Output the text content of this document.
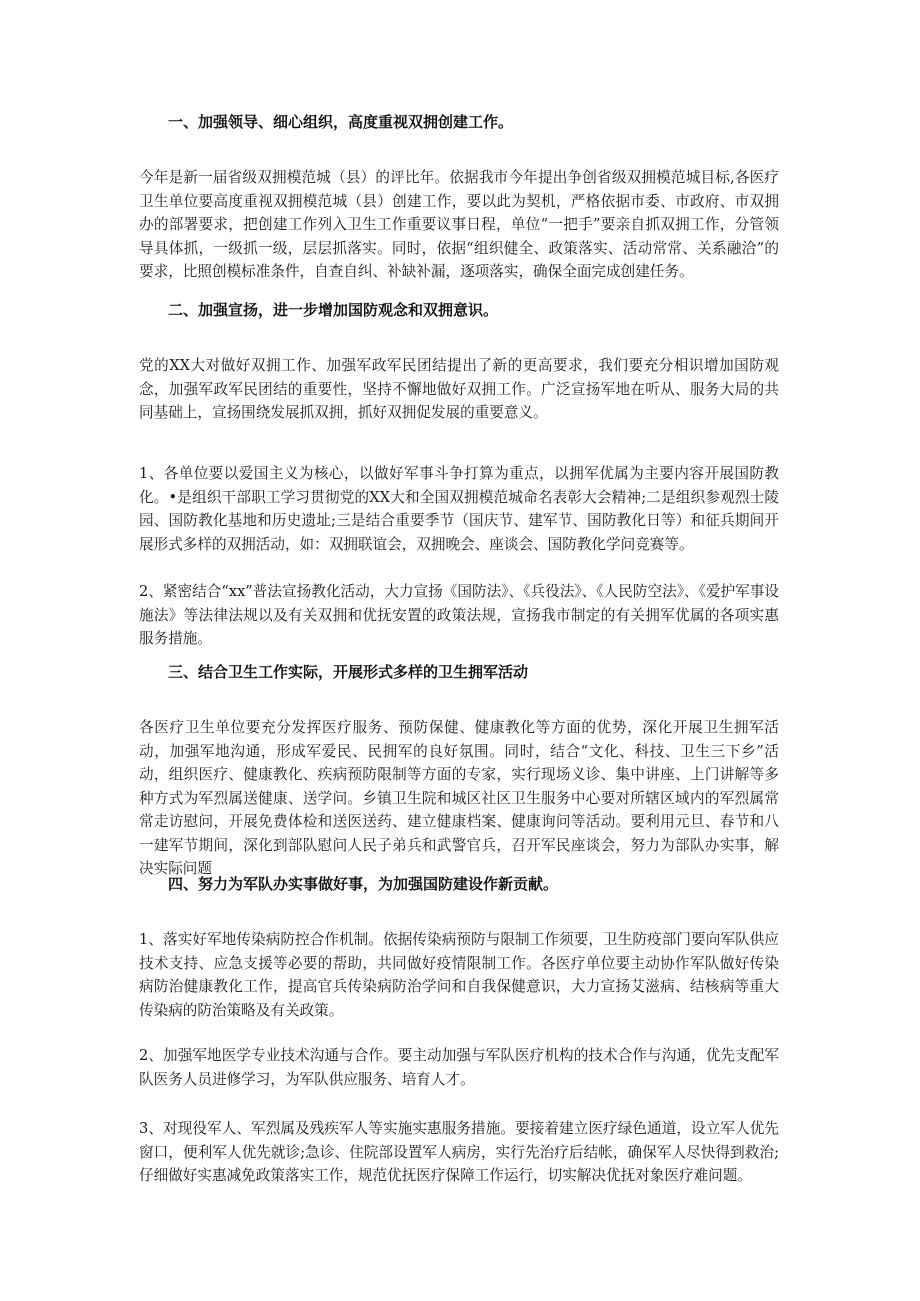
一、加强领导、细心组织，高度重视双拥创建工作。
今年是新一届省级双拥模范城（县）的评比年。依据我市今年提出争创省级双拥模范城目标,各医疗卫生单位要高度重视双拥模范城（县）创建工作，要以此为契机，严格依据市委、市政府、市双拥办的部署要求，把创建工作列入卫生工作重要议事日程，单位“一把手”要亲自抓双拥工作，分管领导具体抓，一级抓一级，层层抓落实。同时，依据“组织健全、政策落实、活动常常、关系融洽”的要求，比照创模标准条件，自查自纠、补缺补漏，逐项落实，确保全面完成创建任务。
二、加强宣扬，进一步增加国防观念和双拥意识。
党的XX大对做好双拥工作、加强军政军民团结提出了新的更高要求，我们要充分相识增加国防观念，加强军政军民团结的重要性，坚持不懈地做好双拥工作。广泛宣扬军地在听从、服务大局的共同基础上，宣扬围绕发展抓双拥，抓好双拥促发展的重要意义。
1、各单位要以爱国主义为核心，以做好军事斗争打算为重点，以拥军优属为主要内容开展国防教化。•是组织干部职工学习贯彻党的XX大和全国双拥模范城命名表彰大会精神;二是组织参观烈士陵园、国防教化基地和历史遗址;三是结合重要季节（国庆节、建军节、国防教化日等）和征兵期间开展形式多样的双拥活动，如：双拥联谊会，双拥晚会、座谈会、国防教化学问竞赛等。
2、紧密结合“xx”普法宣扬教化活动，大力宣扬《国防法》、《兵役法》、《人民防空法》、《爱护军事设施法》等法律法规以及有关双拥和优抚安置的政策法规，宣扬我市制定的有关拥军优属的各项实惠服务措施。
三、结合卫生工作实际，开展形式多样的卫生拥军活动
各医疗卫生单位要充分发挥医疗服务、预防保健、健康教化等方面的优势，深化开展卫生拥军活动，加强军地沟通，形成军爱民、民拥军的良好氛围。同时，结合“文化、科技、卫生三下乡”活动，组织医疗、健康教化、疾病预防限制等方面的专家，实行现场义诊、集中讲座、上门讲解等多种方式为军烈属送健康、送学问。乡镇卫生院和城区社区卫生服务中心要对所辖区域内的军烈属常常走访慰问，开展免费体检和送医送药、建立健康档案、健康询问等活动。要利用元旦、春节和八一建军节期间，深化到部队慰问人民子弟兵和武警官兵，召开军民座谈会，努力为部队办实事，解决实际问题
四、努力为军队办实事做好事，为加强国防建设作新贡献。
1、落实好军地传染病防控合作机制。依据传染病预防与限制工作须要，卫生防疫部门要向军队供应技术支持、应急支援等必要的帮助，共同做好疫情限制工作。各医疗单位要主动协作军队做好传染病防治健康教化工作，提高官兵传染病防治学问和自我保健意识，大力宣扬艾滋病、结核病等重大传染病的防治策略及有关政策。
2、加强军地医学专业技术沟通与合作。要主动加强与军队医疗机构的技术合作与沟通，优先支配军队医务人员进修学习，为军队供应服务、培育人才。
3、对现役军人、军烈属及残疾军人等实施实惠服务措施。要接着建立医疗绿色通道，设立军人优先窗口，便利军人优先就诊;急诊、住院部设置军人病房，实行先治疗后结帐，确保军人尽快得到救治;仔细做好实惠减免政策落实工作，规范优抚医疗保障工作运行，切实解决优抚对象医疗难问题。
